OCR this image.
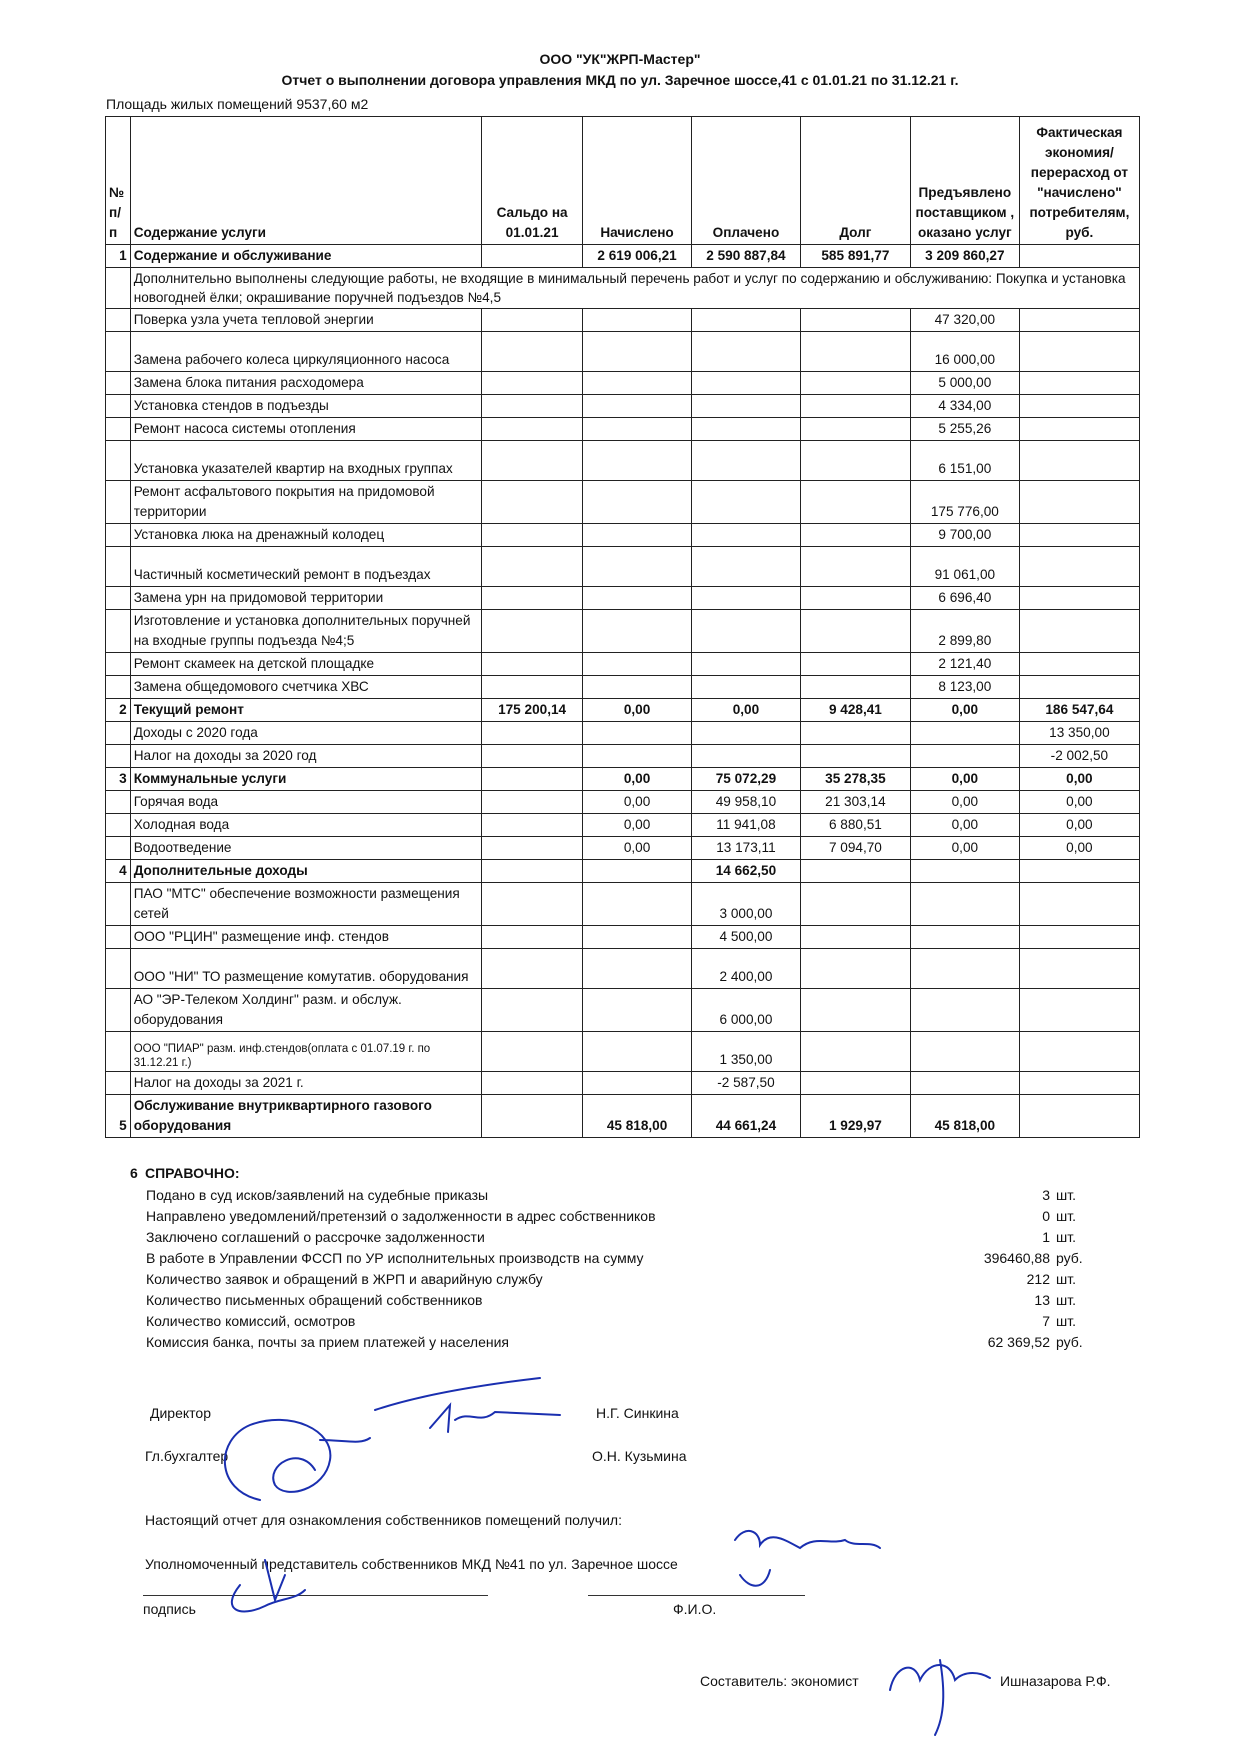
ООО "УК"ЖРП-Мастер"
Отчет о выполнении договора управления МКД по ул. Заречное шоссе,41 с 01.01.21 по 31.12.21 г.
Площадь жилых помещений 9537,60 м2
№ п/п	Содержание услуги	Сальдо на 01.01.21	Начислено	Оплачено	Долг	Предъявлено поставщиком , оказано услуг	Фактическая экономия/перерасход от "начислено" потребителям, руб.
1	Содержание и обслуживание		2 619 006,21	2 590 887,84	585 891,77	3 209 860,27	
	Дополнительно выполнены следующие работы, не входящие в минимальный перечень работ и услуг по содержанию и обслуживанию: Покупка и установка новогодней ёлки; окрашивание поручней подъездов №4,5						
	Поверка узла учета тепловой энергии					47 320,00	
	Замена рабочего колеса циркуляционного насоса					16 000,00	
	Замена блока питания расходомера					5 000,00	
	Установка стендов в подъезды					4 334,00	
	Ремонт насоса системы отопления					5 255,26	
	Установка указателей квартир на входных группах					6 151,00	
	Ремонт асфальтового покрытия на придомовой территории					175 776,00	
	Установка люка на дренажный колодец					9 700,00	
	Частичный косметический ремонт в подъездах					91 061,00	
	Замена урн на придомовой территории					6 696,40	
	Изготовление и установка дополнительных поручней на входные группы подъезда №4;5					2 899,80	
	Ремонт скамеек на детской площадке					2 121,40	
	Замена общедомового счетчика ХВС					8 123,00	
2	Текущий ремонт	175 200,14	0,00	0,00	9 428,41	0,00	186 547,64
	Доходы с 2020 года						13 350,00
	Налог на доходы за 2020 год						-2 002,50
3	Коммунальные услуги		0,00	75 072,29	35 278,35	0,00	0,00
	Горячая вода		0,00	49 958,10	21 303,14	0,00	0,00
	Холодная вода		0,00	11 941,08	6 880,51	0,00	0,00
	Водоотведение		0,00	13 173,11	7 094,70	0,00	0,00
4	Дополнительные доходы			14 662,50			
	ПАО "МТС" обеспечение возможности размещения сетей			3 000,00			
	ООО "РЦИН" размещение инф. стендов			4 500,00			
	ООО "НИ" ТО размещение комутатив. оборудования			2 400,00			
	АО "ЭР-Телеком Холдинг" разм. и обслуж. оборудования			6 000,00			
	ООО "ПИАР" разм. инф.стендов(оплата с 01.07.19 г. по 31.12.21 г.)			1 350,00			
	Налог на доходы за 2021 г.			-2 587,50			
5	Обслуживание внутриквартирного газового оборудования		45 818,00	44 661,24	1 929,97	45 818,00	
6 СПРАВОЧНО:
Подано в суд исков/заявлений на судебные приказы	3 шт.
Направлено уведомлений/претензий о задолженности в адрес собственников	0 шт.
Заключено соглашений о рассрочке задолженности	1 шт.
В работе в Управлении ФССП по УР исполнительных производств на сумму	396460,88 руб.
Количество заявок и обращений в ЖРП и аварийную службу	212 шт.
Количество письменных обращений собственников	13 шт.
Количество комиссий, осмотров	7 шт.
Комиссия банка, почты за прием платежей у населения	62 369,52 руб.
Директор	Н.Г. Синкина
Гл.бухгалтер	О.Н. Кузьмина
Настоящий отчет для ознакомления собственников помещений получил:
Уполномоченный представитель собственников МКД №41 по ул. Заречное шоссе
подпись	Ф.И.О.
Составитель: экономист	Ишназарова Р.Ф.
